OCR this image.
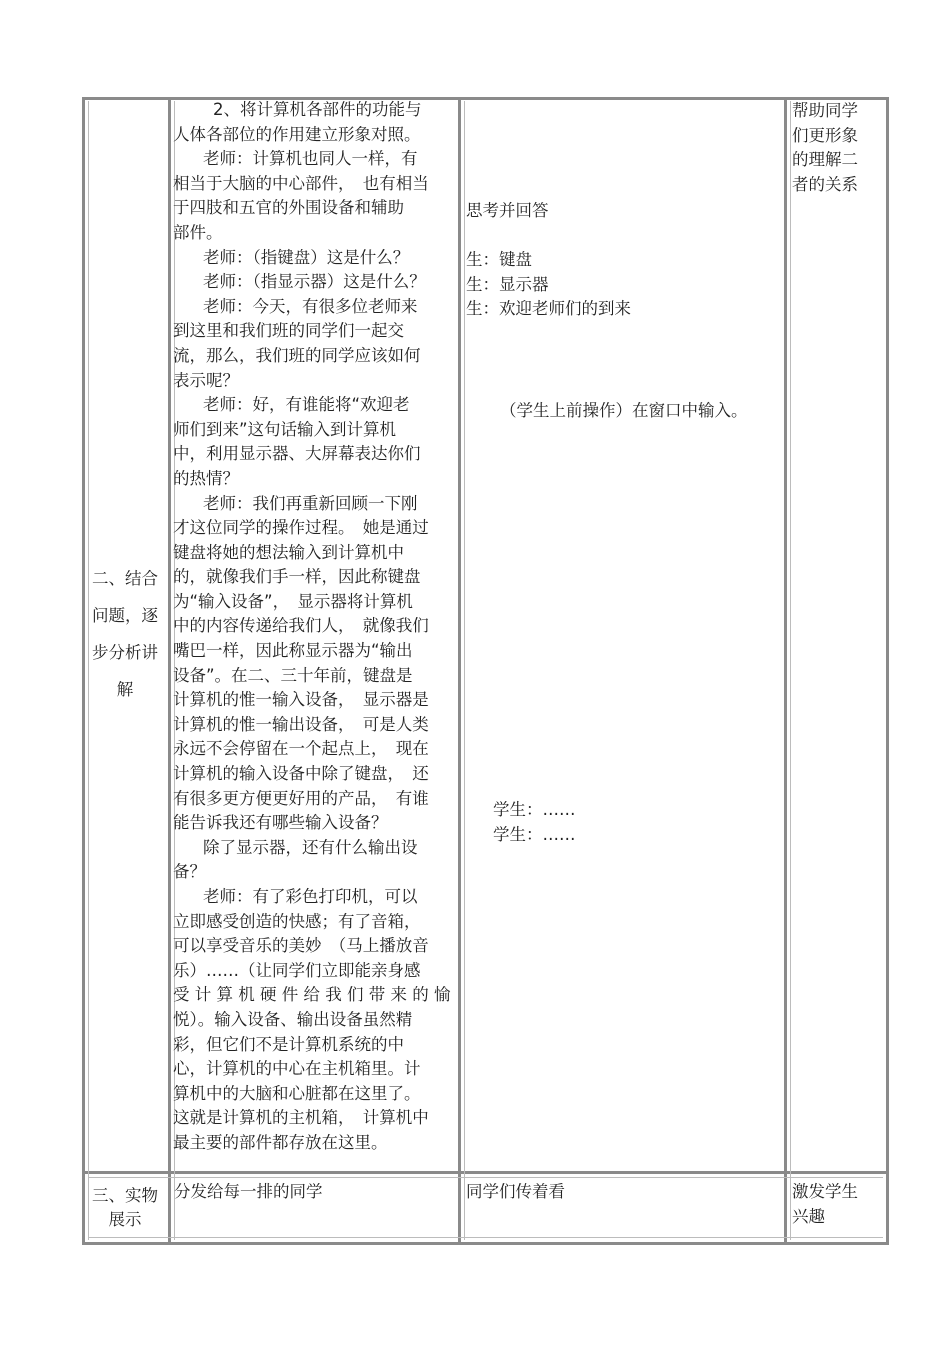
二、结合
问题，逐
步分析讲
解
2、将计算机各部件的功能与
人体各部位的作用建立形象对照。
老师：计算机也同人一样，有
相当于大脑的中心部件，　也有相当
于四肢和五官的外围设备和辅助
部件。
老师：（指键盘）这是什么？
老师：（指显示器）这是什么？
老师：今天，有很多位老师来
到这里和我们班的同学们一起交
流，那么，我们班的同学应该如何
表示呢？
老师：好，有谁能将“欢迎老
师们到来”这句话输入到计算机
中，利用显示器、大屏幕表达你们
的热情？
老师：我们再重新回顾一下刚
才这位同学的操作过程。　她是通过
键盘将她的想法输入到计算机中
的，就像我们手一样，因此称键盘
为“输入设备”，　显示器将计算机
中的内容传递给我们人，　就像我们
嘴巴一样，因此称显示器为“输出
设备”。在二、三十年前，键盘是
计算机的惟一输入设备，　显示器是
计算机的惟一输出设备，　可是人类
永远不会停留在一个起点上，　现在
计算机的输入设备中除了键盘，　还
有很多更方便更好用的产品，　有谁
能告诉我还有哪些输入设备？
除了显示器，还有什么输出设
备？
老师：有了彩色打印机，可以
立即感受创造的快感；有了音箱，
可以享受音乐的美妙　（马上播放音
乐）……（让同学们立即能亲身感
受 计 算 机 硬 件 给 我 们 带 来 的 愉
悦）。输入设备、输出设备虽然精
彩，但它们不是计算机系统的中
心，计算机的中心在主机箱里。计
算机中的大脑和心脏都在这里了。
这就是计算机的主机箱，　计算机中
最主要的部件都存放在这里。
思考并回答
生：键盘
生：显示器
生：欢迎老师们的到来
（学生上前操作）在窗口中输入。
学生：……
学生：……
帮助同学
们更形象
的理解二
者的关系
三、实物
展示
分发给每一排的同学	同学们传着看	激发学生
兴趣
